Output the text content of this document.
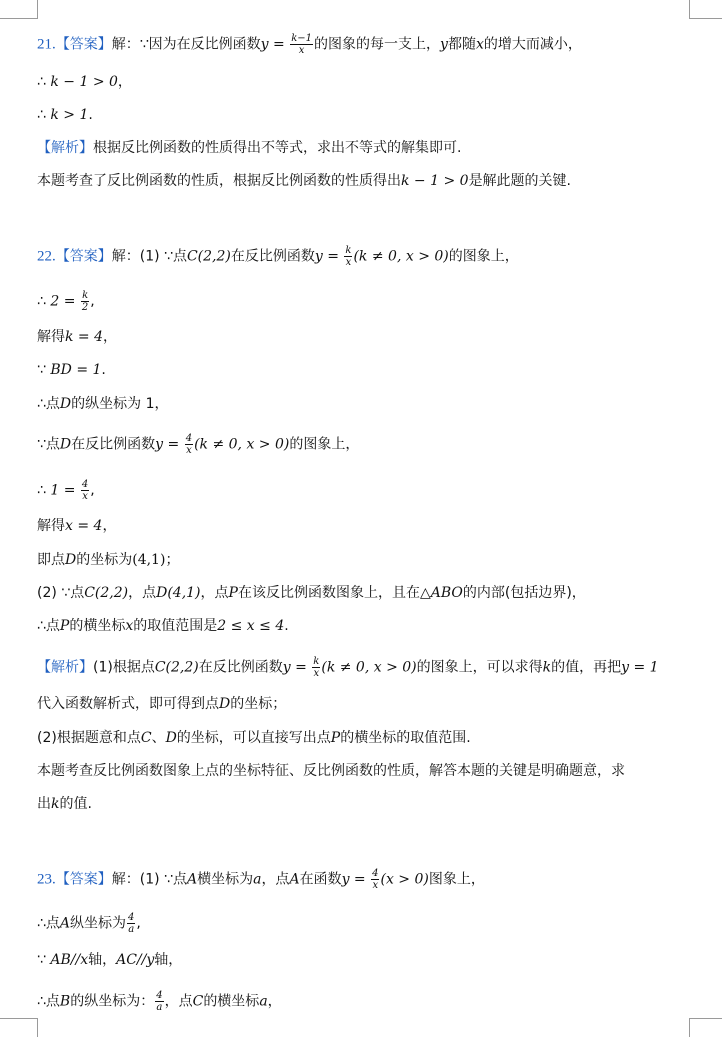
21.【答案】解：∵因为在反比例函数$y = \frac{k-1}{x}$ 的图象的每一支上，y都随x的增大而减小，
∴ k − 1 > 0，
∴ k > 1.
【解析】根据反比例函数的性质得出不等式，求出不等式的解集即可.
本题考查了反比例函数的性质，根据反比例函数的性质得出k − 1 > 0是解此题的关键.
22.【答案】解：(1) ∵点C(2,2)在反比例函数$y = \frac{k}{x} (k \ne 0$, x > 0)的图象上，
∴ $2 = \frac{k}{2}$ ,
解得k = 4，
∵ BD = 1.
∴点D的纵坐标为 1，
∵点D在反比例函数$y = \frac{4}{x} (k \ne 0$, x > 0)的图象上，
∴ $1 = \frac{4}{x}$ ,
解得x = 4，
即点D的坐标为(4,1)；
(2) ∵点C(2,2)，点D(4,1)，点P在该反比例函数图象上，且在△ABO的内部(包括边界)，
∴点P的横坐标x的取值范围是2 ≤ x ≤ 4.
【解析】(1)根据点C(2,2)在反比例函数$y = \frac{k}{x} (k \ne 0$, x > 0)的图象上，可以求得k的值，再把y = 1
代入函数解析式，即可得到点D的坐标；
(2)根据题意和点C、D的坐标，可以直接写出点P的横坐标的取值范围.
本题考查反比例函数图象上点的坐标特征、反比例函数的性质，解答本题的关键是明确题意，求
出k的值.
23.【答案】解：(1) ∵点A横坐标为a，点A在函数$y = \frac{4}{x} (x > 0)$图象上，
∴点A纵坐标为 $\frac{4}{a}$ ,
∵ AB//x轴，AC//y轴，
∴点B的纵坐标为： $\frac{4}{a}$ ，点C的横坐标a，
